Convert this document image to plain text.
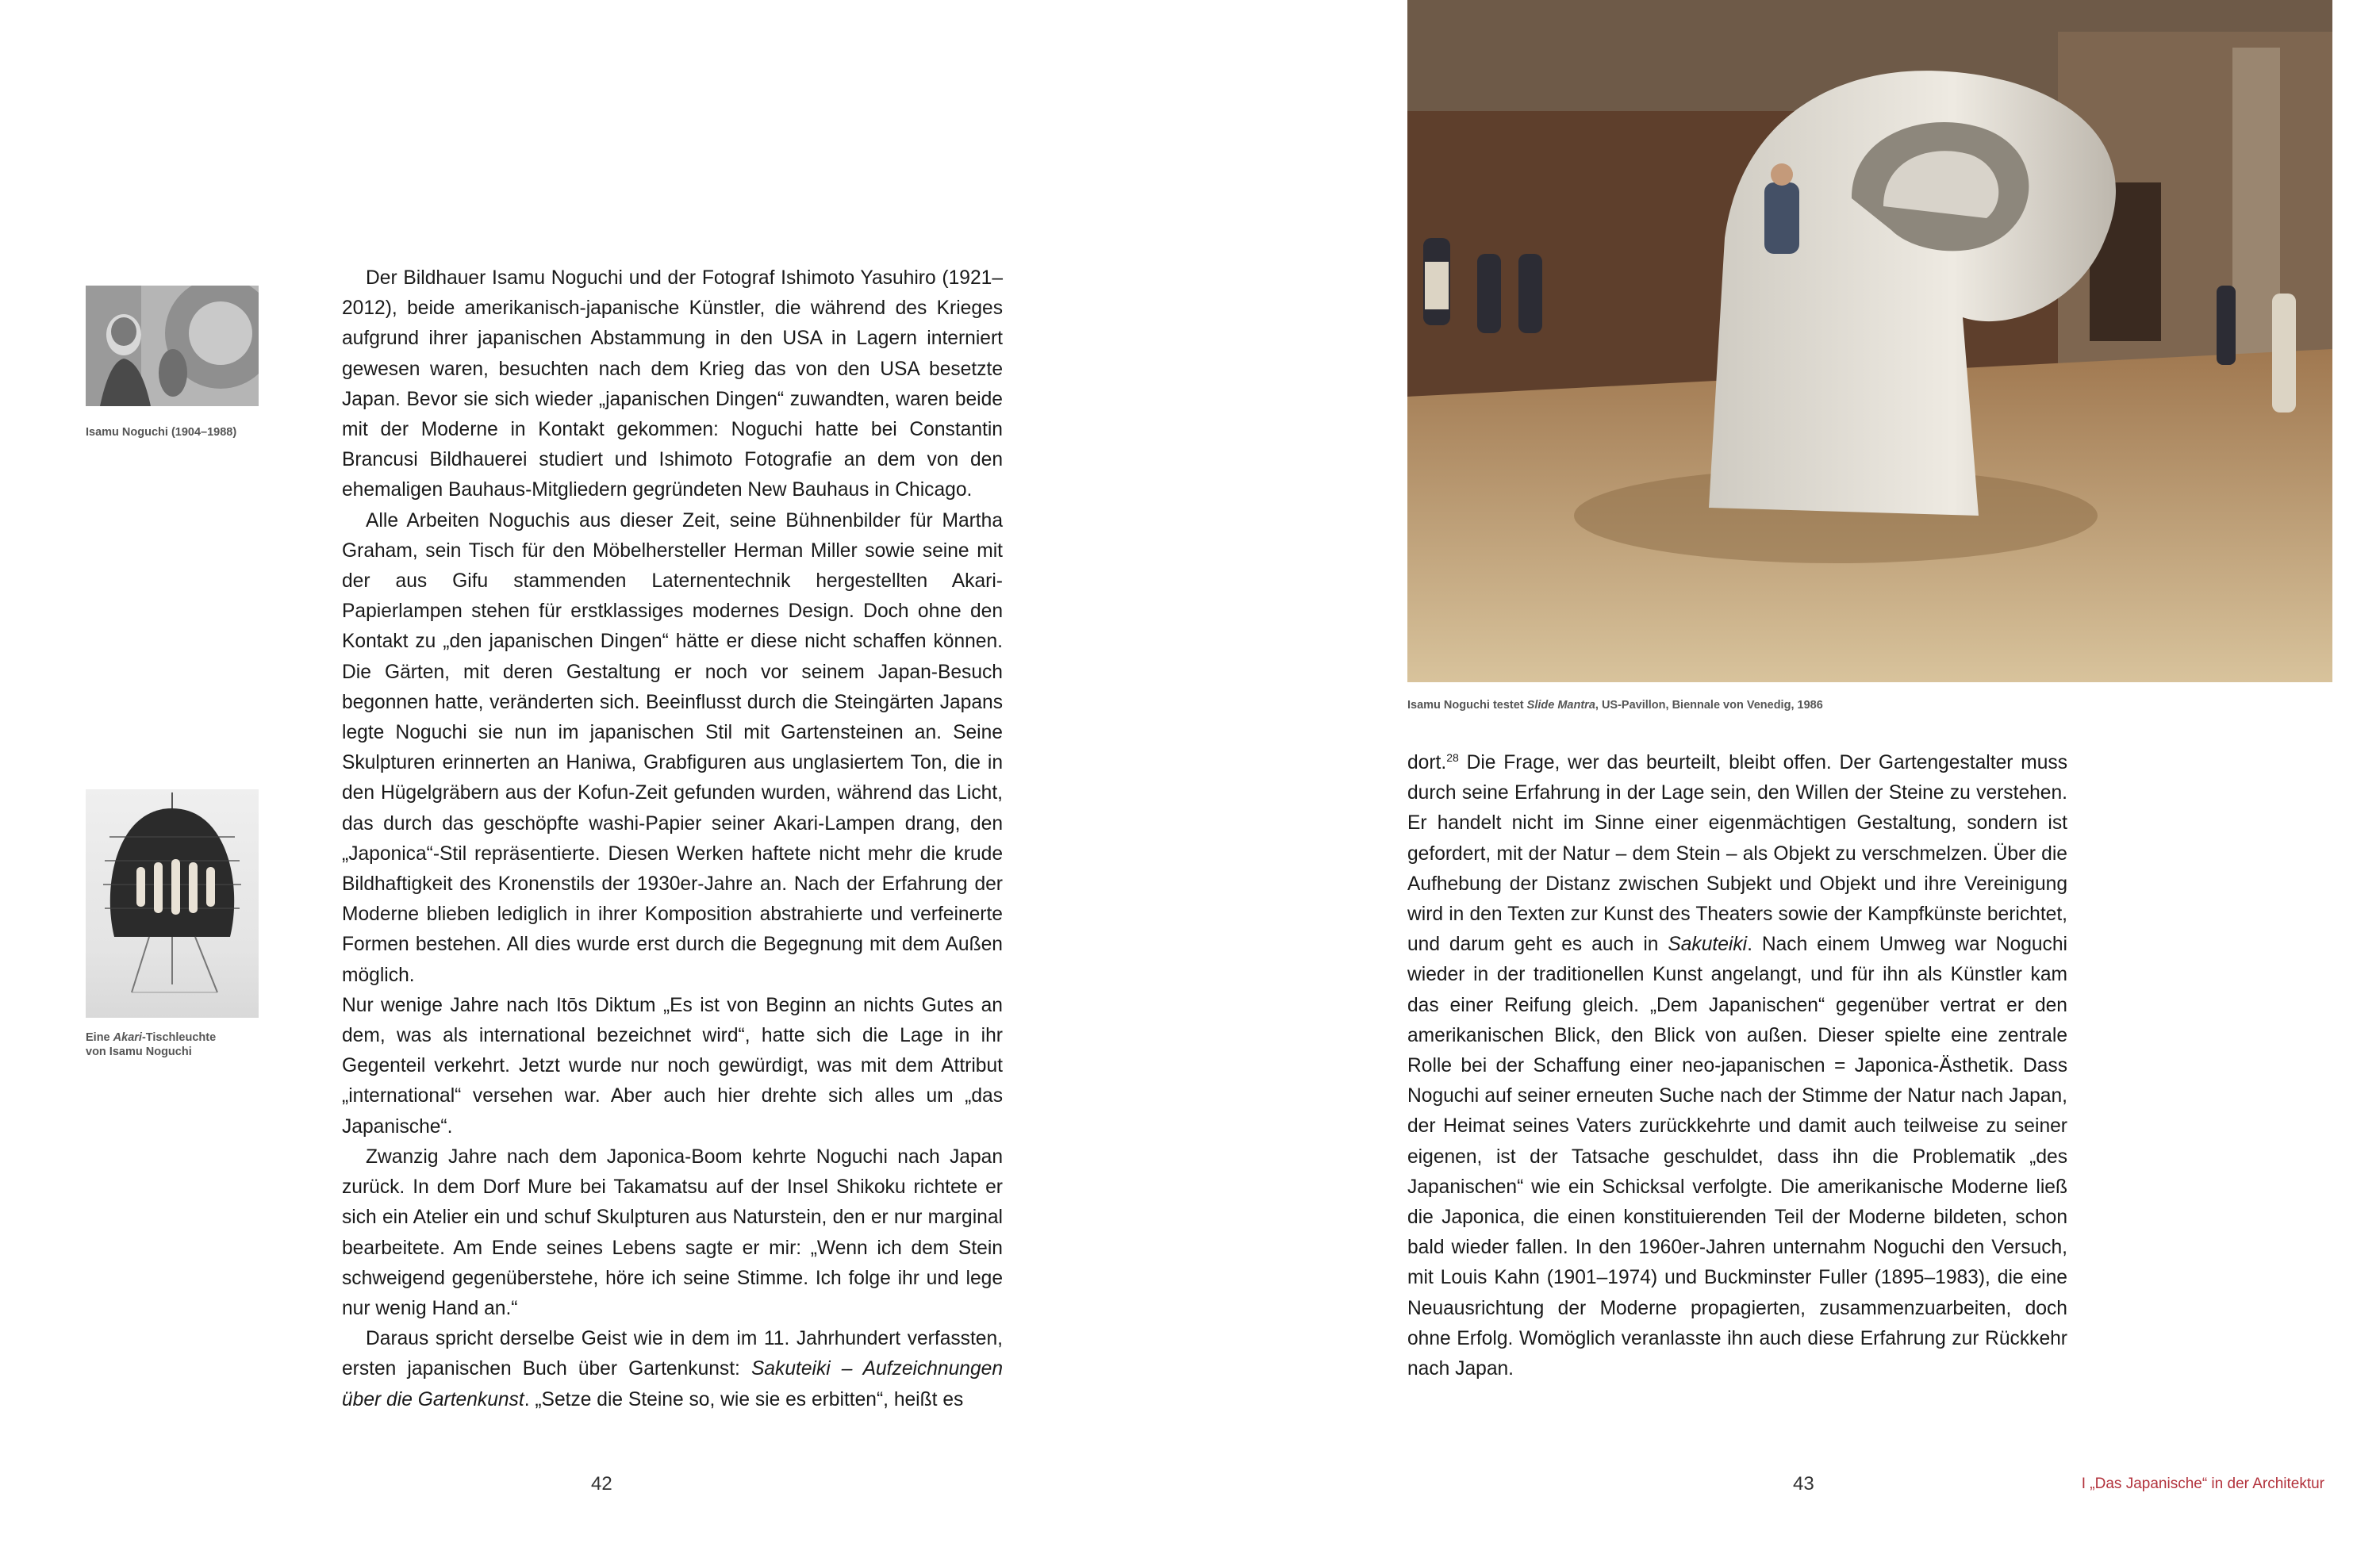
Isamu Noguchi (1904–1988)
Eine Akari-Tischleuchte
von Isamu Noguchi

Der Bildhauer Isamu Noguchi und der Fotograf Ishimoto Yasuhiro (1921–2012), beide amerikanisch-japanische Künstler, die während des Krieges aufgrund ihrer japanischen Abstammung in den USA in Lagern interniert gewesen waren, besuchten nach dem Krieg das von den USA besetzte Japan. Bevor sie sich wieder „japanischen Dingen“ zuwandten, waren beide mit der Moderne in Kontakt gekommen: Noguchi hatte bei Constantin Brancusi Bildhauerei studiert und Ishimoto Fotografie an dem von den ehemaligen Bauhaus-Mitgliedern gegründeten New Bauhaus in Chicago.

Alle Arbeiten Noguchis aus dieser Zeit, seine Bühnenbilder für Martha Graham, sein Tisch für den Möbelhersteller Herman Miller sowie seine mit der aus Gifu stammenden Laternentechnik hergestellten Akari-Papierlampen stehen für erstklassiges modernes Design. Doch ohne den Kontakt zu „den japanischen Dingen“ hätte er diese nicht schaffen können. Die Gärten, mit deren Gestaltung er noch vor seinem Japan-Besuch begonnen hatte, veränderten sich. Beeinflusst durch die Steingärten Japans legte Noguchi sie nun im japanischen Stil mit Gartensteinen an. Seine Skulpturen erinnerten an Haniwa, Grabfiguren aus unglasiertem Ton, die in den Hügelgräbern aus der Kofun-Zeit gefunden wurden, während das Licht, das durch das geschöpfte washi-Papier seiner Akari-Lampen drang, den „Japonica“-Stil repräsentierte. Diesen Werken haftete nicht mehr die krude Bildhaftigkeit des Kronenstils der 1930er-Jahre an. Nach der Erfahrung der Moderne blieben lediglich in ihrer Komposition abstrahierte und verfeinerte Formen bestehen. All dies wurde erst durch die Begegnung mit dem Außen möglich.

Nur wenige Jahre nach Itōs Diktum „Es ist von Beginn an nichts Gutes an dem, was als international bezeichnet wird“, hatte sich die Lage in ihr Gegenteil verkehrt. Jetzt wurde nur noch gewürdigt, was mit dem Attribut „international“ versehen war. Aber auch hier drehte sich alles um „das Japanische“.

Zwanzig Jahre nach dem Japonica-Boom kehrte Noguchi nach Japan zurück. In dem Dorf Mure bei Takamatsu auf der Insel Shikoku richtete er sich ein Atelier ein und schuf Skulpturen aus Naturstein, den er nur marginal bearbeitete. Am Ende seines Lebens sagte er mir: „Wenn ich dem Stein schweigend gegenüberstehe, höre ich seine Stimme. Ich folge ihr und lege nur wenig Hand an.“

Daraus spricht derselbe Geist wie in dem im 11. Jahrhundert verfassten, ersten japanischen Buch über Gartenkunst: Sakuteiki – Aufzeichnungen über die Gartenkunst. „Setze die Steine so, wie sie es erbitten“, heißt es

42
Isamu Noguchi testet Slide Mantra, US-Pavillon, Biennale von Venedig, 1986

dort.$^{28}$ Die Frage, wer das beurteilt, bleibt offen. Der Gartengestalter muss durch seine Erfahrung in der Lage sein, den Willen der Steine zu verstehen. Er handelt nicht im Sinne einer eigenmächtigen Gestaltung, sondern ist gefordert, mit der Natur – dem Stein – als Objekt zu verschmelzen. Über die Aufhebung der Distanz zwischen Subjekt und Objekt und ihre Vereinigung wird in den Texten zur Kunst des Theaters sowie der Kampfkünste berichtet, und darum geht es auch in Sakuteiki. Nach einem Umweg war Noguchi wieder in der traditionellen Kunst angelangt, und für ihn als Künstler kam das einer Reifung gleich. „Dem Japanischen“ gegenüber vertrat er den amerikanischen Blick, den Blick von außen. Dieser spielte eine zentrale Rolle bei der Schaffung einer neo-japanischen = Japonica-Ästhetik. Dass Noguchi auf seiner erneuten Suche nach der Stimme der Natur nach Japan, der Heimat seines Vaters zurückkehrte und damit auch teilweise zu seiner eigenen, ist der Tatsache geschuldet, dass ihn die Problematik „des Japanischen“ wie ein Schicksal verfolgte. Die amerikanische Moderne ließ die Japonica, die einen konstituierenden Teil der Moderne bildeten, schon bald wieder fallen. In den 1960er-Jahren unternahm Noguchi den Versuch, mit Louis Kahn (1901–1974) und Buckminster Fuller (1895–1983), die eine Neuausrichtung der Moderne propagierten, zusammenzuarbeiten, doch ohne Erfolg. Womöglich veranlasste ihn auch diese Erfahrung zur Rückkehr nach Japan.

43	I „Das Japanische“ in der Architektur
